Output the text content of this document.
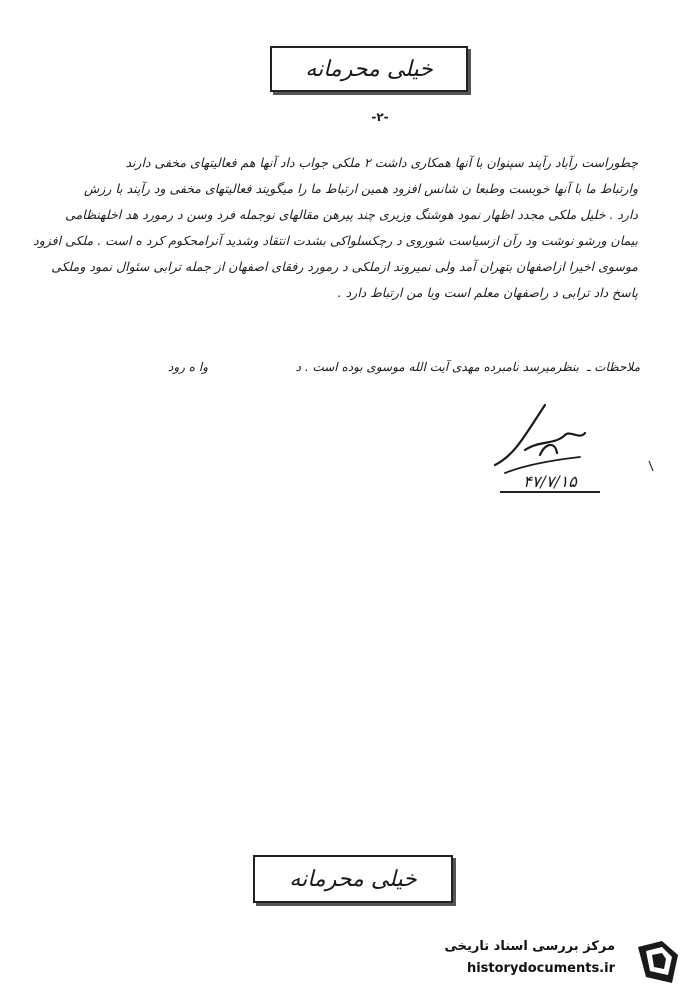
خیلی محرمانه
-۲-

چطوراست رآباد رآپند سپنوان با آنها همکاری داشت ۲ ملکی جواب داد آنها هم فعالیتهای مخفی دارند

وارتباط ما با آنها خوبست وطبعا ن شانس افزود همین ارتباط ما را میگویند فعالیتهای مخفی ود رآپند با رزش

دارد . خلیل ملکی مجدد اظهار نمود هوشنگ وزیری چند پیرهن مقالهای نوجمله فرد وسن د رمورد هد اخلهنظامی

بیمان ورشو نوشت ود رآن ازسیاست شوروی د رچکسلواکی بشدت انتقاد وشدید آنرامحکوم کرد ه است . ملکی افزود

موسوی اخیرا ازاصفهان بتهران آمد ولی نمیروند ازملکی د رمورد رفقای اصفهان از جمله ترابی سئوال نمود وملکی

پاسخ داد ترابی د راصفهان معلم است وبا من ارتباط دارد .

ملاحظات ـ بنظرمیرسد نامبرده مهدی آیت الله موسوی بوده است . د  وا ه رود
۴۷/۷/۱۵
خیلی محرمانه
مرکز بررسی اسناد تاریخی
historydocuments.ir
